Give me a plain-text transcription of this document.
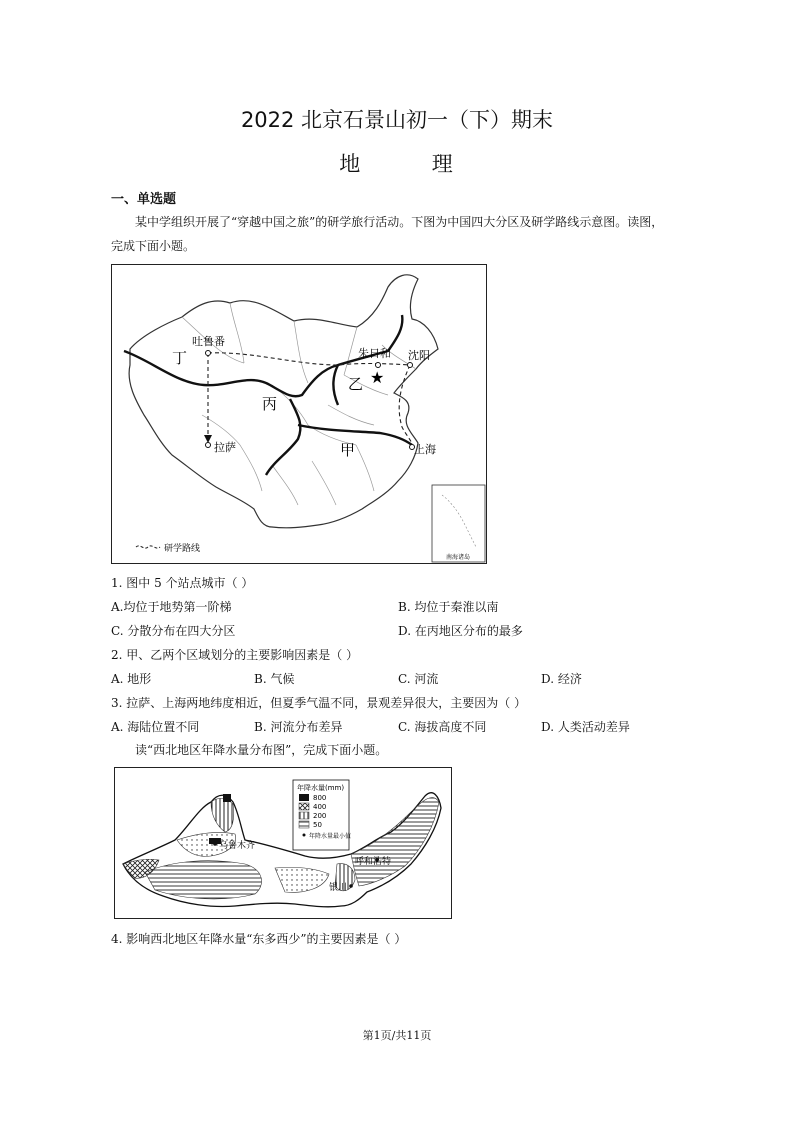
2022 北京石景山初一（下）期末
地        理
一、单选题
某中学组织开展了“穿越中国之旅”的研学旅行活动。下图为中国四大分区及研学路线示意图。读图，完成下面小题。
★
丁
丙
乙
甲
吐鲁番
朱日和 沈阳
拉萨	上海
研学路线
南海诸岛
1. 图中 5 个站点城市（ ）
A.均位于地势第一阶梯	B. 均位于秦淮以南
C. 分散分布在四大分区	D. 在丙地区分布的最多
2. 甲、乙两个区域划分的主要影响因素是（ ）
A. 地形	B. 气候	C. 河流	D. 经济
3. 拉萨、上海两地纬度相近，但夏季气温不同，景观差异很大，主要因为（ ）
A. 海陆位置不同	B. 河流分布差异	C. 海拔高度不同	D. 人类活动差异
读“西北地区年降水量分布图”，完成下面小题。
乌鲁木齐
呼和浩特
银川
年降水量(mm)
800
400
200
50
年降水量最小值
4. 影响西北地区年降水量“东多西少”的主要因素是（ ）
第1页/共11页
